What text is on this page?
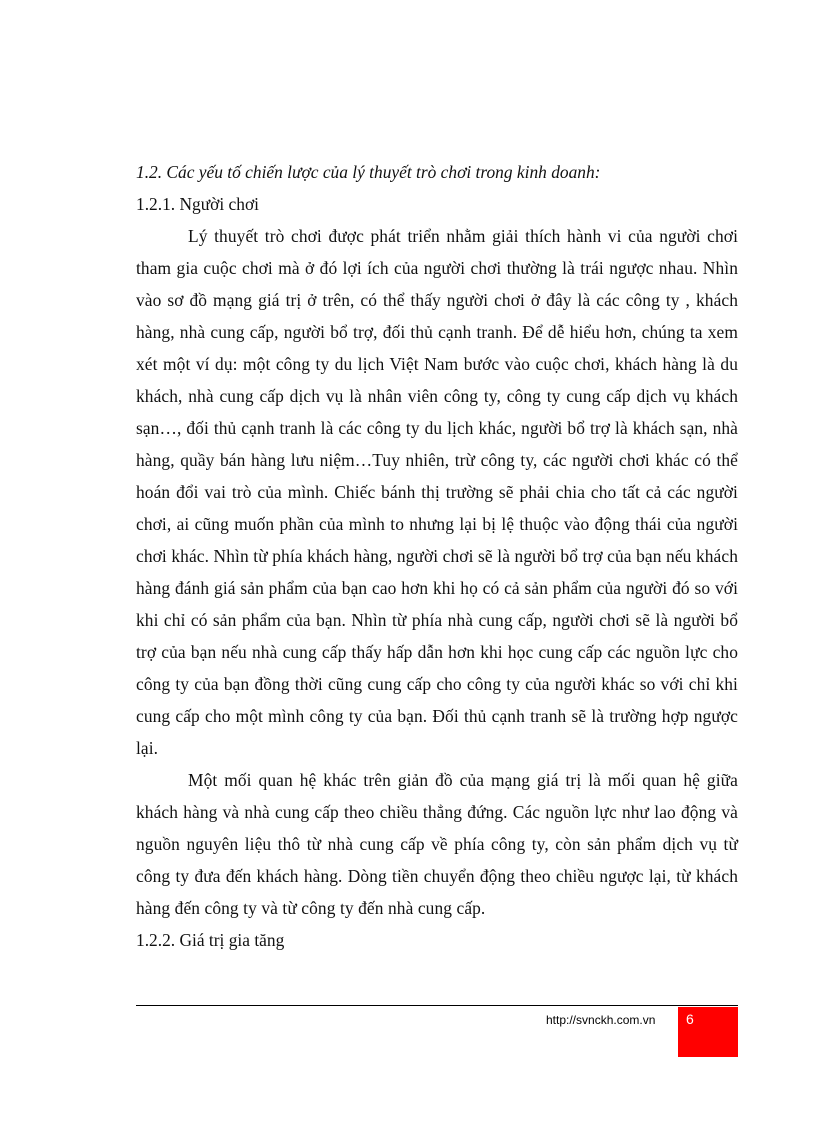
1.2. Các yếu tố chiến lược của lý thuyết trò chơi trong kinh doanh:

1.2.1. Người chơi

Lý thuyết trò chơi được phát triển nhằm giải thích hành vi của người chơi tham gia cuộc chơi mà ở đó lợi ích của người chơi thường là trái ngược nhau. Nhìn vào sơ đồ mạng giá trị ở trên, có thể thấy người chơi ở đây là các công ty , khách hàng, nhà cung cấp, người bổ trợ, đối thủ cạnh tranh. Để dễ hiểu hơn, chúng ta xem xét một ví dụ: một công ty du lịch Việt Nam bước vào cuộc chơi, khách hàng là du khách, nhà cung cấp dịch vụ là nhân viên công ty, công ty cung cấp dịch vụ khách sạn…, đối thủ cạnh tranh là các công ty du lịch khác, người bổ trợ là khách sạn, nhà hàng, quầy bán hàng lưu niệm…Tuy nhiên, trừ công ty, các người chơi khác có thể hoán đổi vai trò của mình. Chiếc bánh thị trường sẽ phải chia cho tất cả các người chơi, ai cũng muốn phần của mình to nhưng lại bị lệ thuộc vào động thái của người chơi khác. Nhìn từ phía khách hàng, người chơi sẽ là người bổ trợ của bạn nếu khách hàng đánh giá sản phẩm của bạn cao hơn khi họ có cả sản phẩm của người đó so với khi chỉ có sản phẩm của bạn. Nhìn từ phía nhà cung cấp, người chơi sẽ là người bổ trợ của bạn nếu nhà cung cấp thấy hấp dẫn hơn khi học cung cấp các nguồn lực cho công ty của bạn đồng thời cũng cung cấp cho công ty của người khác so với chỉ khi cung cấp cho một mình công ty của bạn. Đối thủ cạnh tranh sẽ là trường hợp ngược lại.

Một mối quan hệ khác trên giản đồ của mạng giá trị là mối quan hệ giữa khách hàng và nhà cung cấp theo chiều thẳng đứng. Các nguồn lực như lao động và nguồn nguyên liệu thô từ nhà cung cấp về phía công ty, còn sản phẩm dịch vụ từ công ty đưa đến khách hàng. Dòng tiền chuyển động theo chiều ngược lại, từ khách hàng đến công ty và từ công ty đến nhà cung cấp.

1.2.2. Giá trị gia tăng

http://svnckh.com.vn 6
